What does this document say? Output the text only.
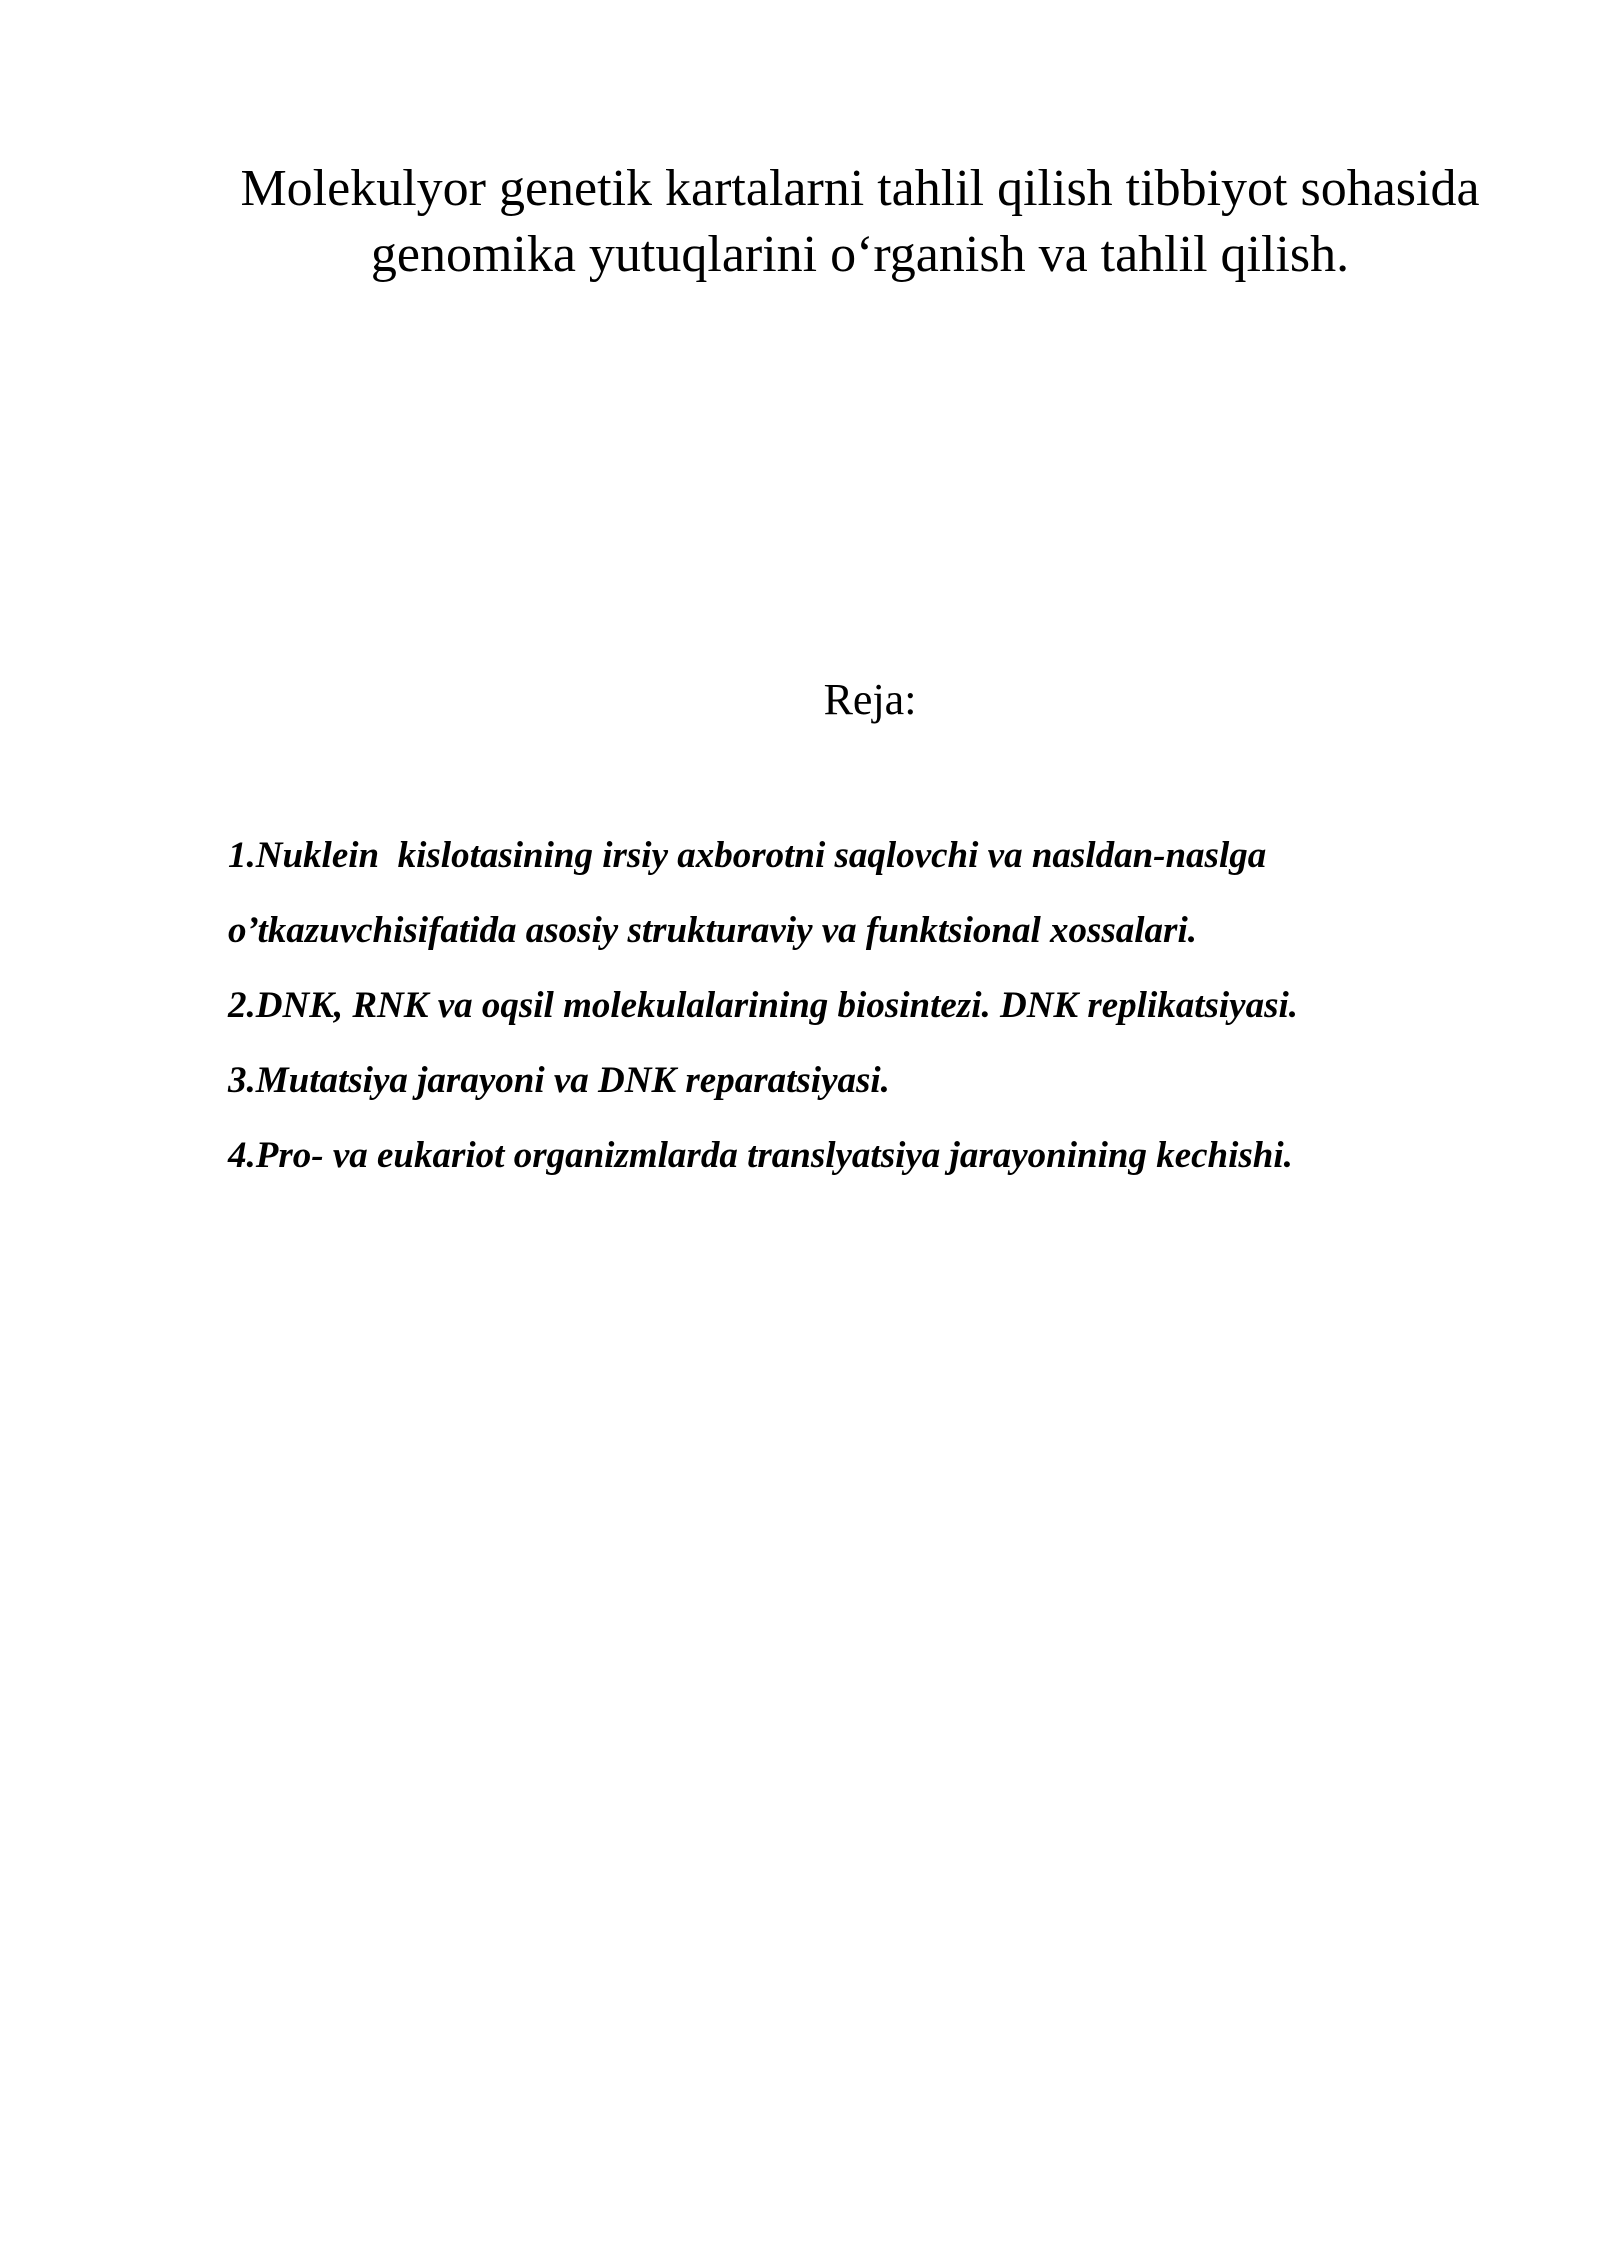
Molekulyor genetik kartalarni tahlil qilish tibbiyot sohasida genomika yutuqlarini o‘rganish va tahlil qilish.
Reja:
1.Nuklein  kislotasining irsiy axborotni saqlovchi va nasldan-naslga o’tkazuvchisifatida asosiy strukturaviy va funktsional xossalari.
2.DNK, RNK va oqsil molekulalarining biosintezi. DNK replikatsiyasi.
3.Mutatsiya jarayoni va DNK reparatsiyasi.
4.Pro- va eukariot organizmlarda translyatsiya jarayonining kechishi.
